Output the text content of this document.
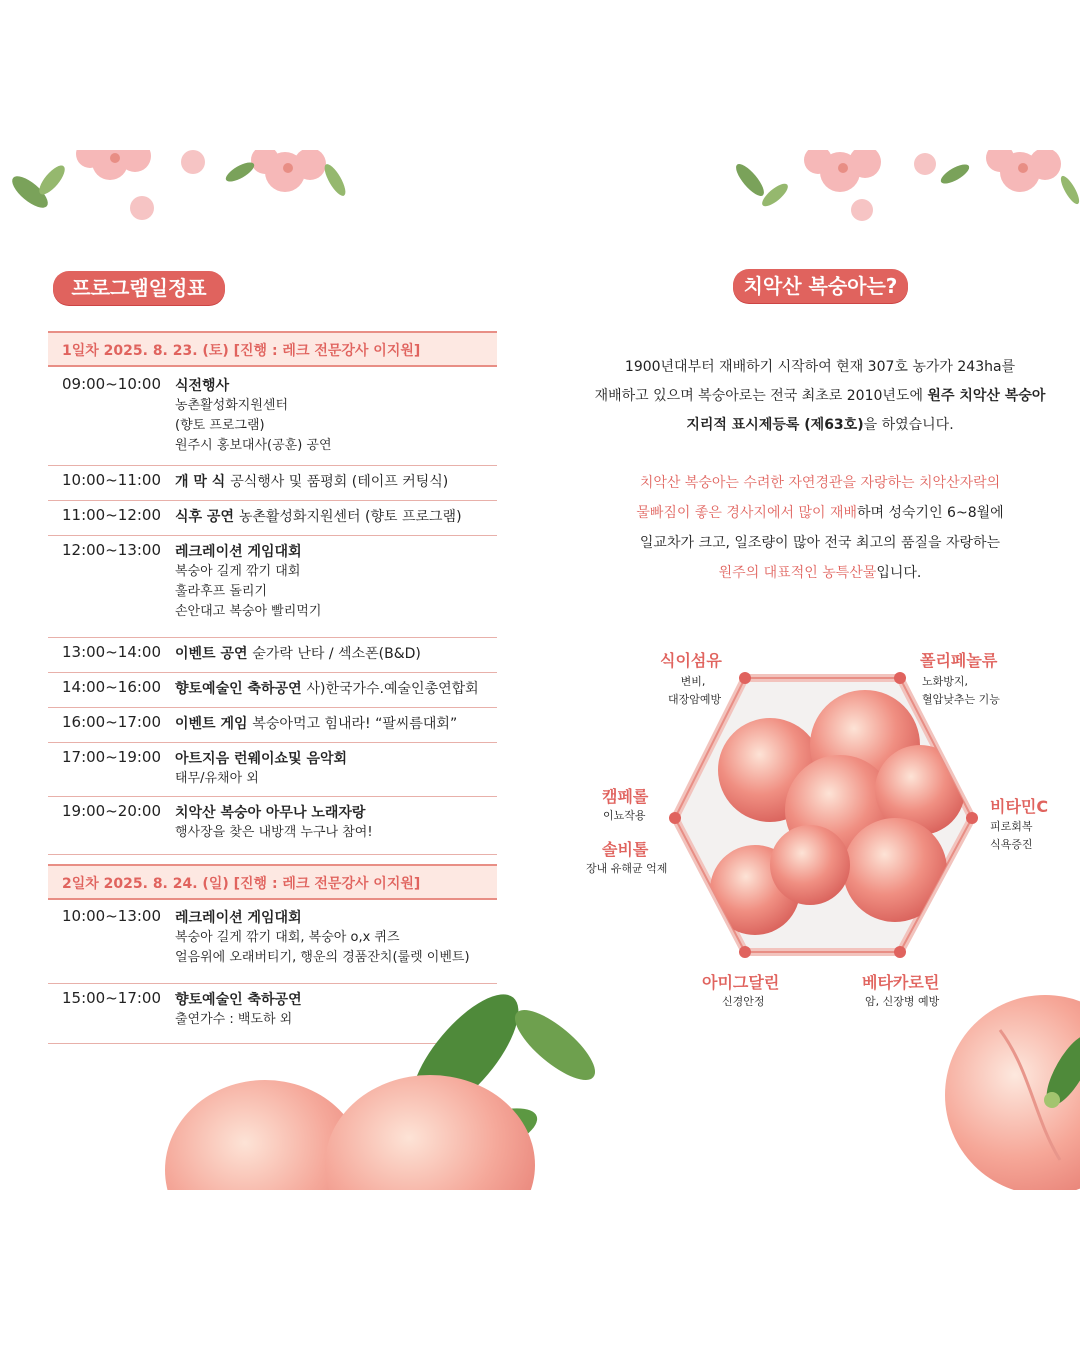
프로그램일정표
1일차 2025. 8. 23. (토) [진행 : 레크 전문강사 이지원]
09:00~10:00 식전행사
농촌활성화지원센터
(향토 프로그램)
원주시 홍보대사(공훈) 공연
10:00~11:00 개 막 식 공식행사 및 품평회 (테이프 커팅식)
11:00~12:00 식후 공연 농촌활성화지원센터 (향토 프로그램)
12:00~13:00 레크레이션 게임대회
복숭아 길게 깎기 대회
훌라후프 돌리기
손안대고 복숭아 빨리먹기
13:00~14:00 이벤트 공연 숟가락 난타 / 섹소폰(B&D)
14:00~16:00 향토예술인 축하공연 사)한국가수.예술인총연합회
16:00~17:00 이벤트 게임 복숭아먹고 힘내라! “팔씨름대회”
17:00~19:00 아트지음 런웨이쇼및 음악회
태무/유채아 외
19:00~20:00 치악산 복숭아 아무나 노래자랑
행사장을 찾은 내방객 누구나 참여!
2일차 2025. 8. 24. (일) [진행 : 레크 전문강사 이지원]
10:00~13:00 레크레이션 게임대회
복숭아 길게 깎기 대회, 복숭아 o,x 퀴즈
얼음위에 오래버티기, 행운의 경품잔치(룰렛 이벤트)
15:00~17:00 향토예술인 축하공연
출연가수 : 백도하 외
치악산 복숭아는?
1900년대부터 재배하기 시작하여 현재 307호 농가가 243ha를
재배하고 있으며 복숭아로는 전국 최초로 2010년도에 원주 치악산 복숭아
지리적 표시제등록 (제63호)을 하였습니다.
치악산 복숭아는 수려한 자연경관을 자랑하는 치악산자락의
물빠짐이 좋은 경사지에서 많이 재배하며 성숙기인 6~8월에
일교차가 크고, 일조량이 많아 전국 최고의 품질을 자랑하는
원주의 대표적인 농특산물입니다.
식이섬유
변비,
대장암예방
폴리페놀류
노화방지,
혈압낮추는 기능
비타민C
피로회복
식욕증진
베타카로틴
암, 신장병 예방
아미그달린
신경안정
캠페롤
이뇨작용
솔비톨
장내 유해균 억제
